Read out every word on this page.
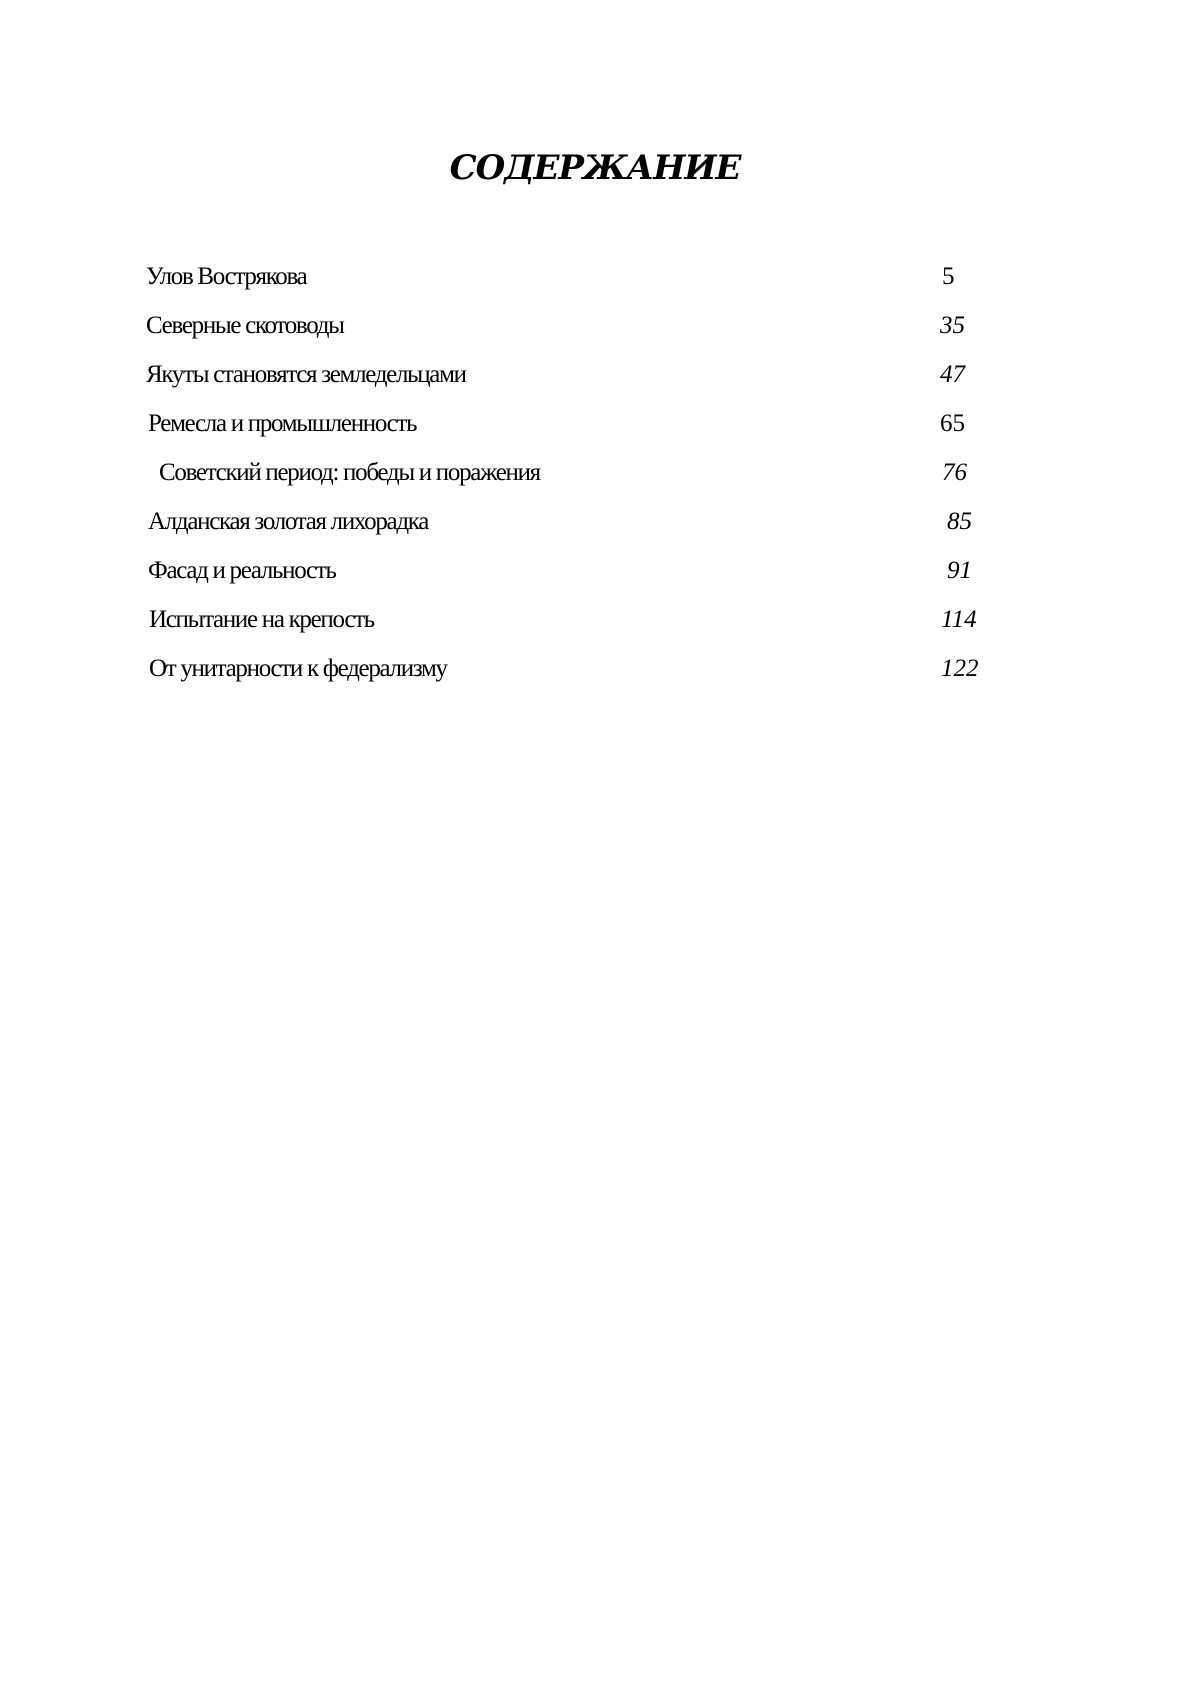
СОДЕРЖАНИЕ
Улов Вострякова	5
Северные скотоводы	35
Якуты становятся земледельцами	47
Ремесла и промышленность	65
Советский период: победы и поражения	76
Алданская золотая лихорадка	85
Фасад и реальность	91
Испытание на крепость	114
От унитарности к федерализму	122
